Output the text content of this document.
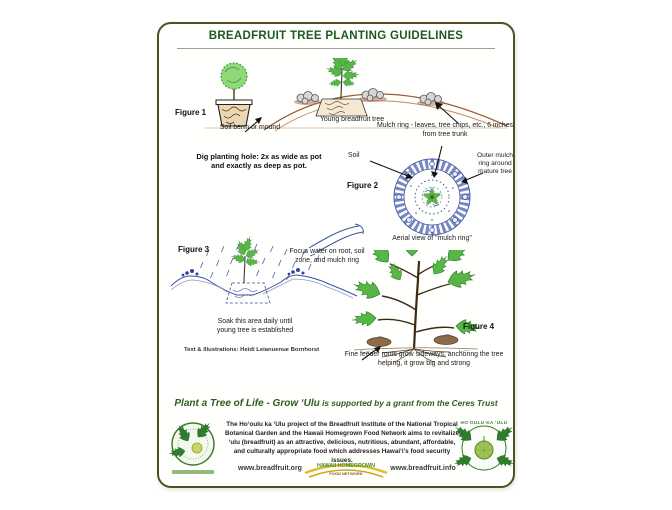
BREADFRUIT TREE PLANTING GUIDELINES
Figure 1
Soil berm or mound
Young breadfruit tree
Mulch ring - leaves, tree chips, etc., 6 inches from tree trunk
Dig planting hole: 2x as wide as pot and exactly as deep as pot.
Soil
Figure 2
Outer mulch ring around mature tree
Aerial view of "mulch ring"
Figure 3	Focus water on root, soil zone, and mulch ring
Soak this area daily until young tree is established
Text & Illustrations: Heidi Leianuenue Bornhorst
Figure 4
Fine feeder roots grow sideways, anchoring the tree helping, it grow big and strong
Plant a Tree of Life - Grow ‘Ulu is supported by a grant from the Ceres Trust
The Ho‘oulu ka ‘Ulu project of the Breadfruit Institute of the National Tropical Botanical Garden and the Hawaii Homegrown Food Network aims to revitalize ‘ulu (breadfruit) as an attractive, delicious, nutritious, abundant, affordable, and culturally appropriate food which addresses Hawai‘i’s food security issues.
HO‘OULU KA ‘ULU
www.breadfruit.org	HAWAII HOMEGROWN
FOOD NETWORK
www.breadfruit.info
